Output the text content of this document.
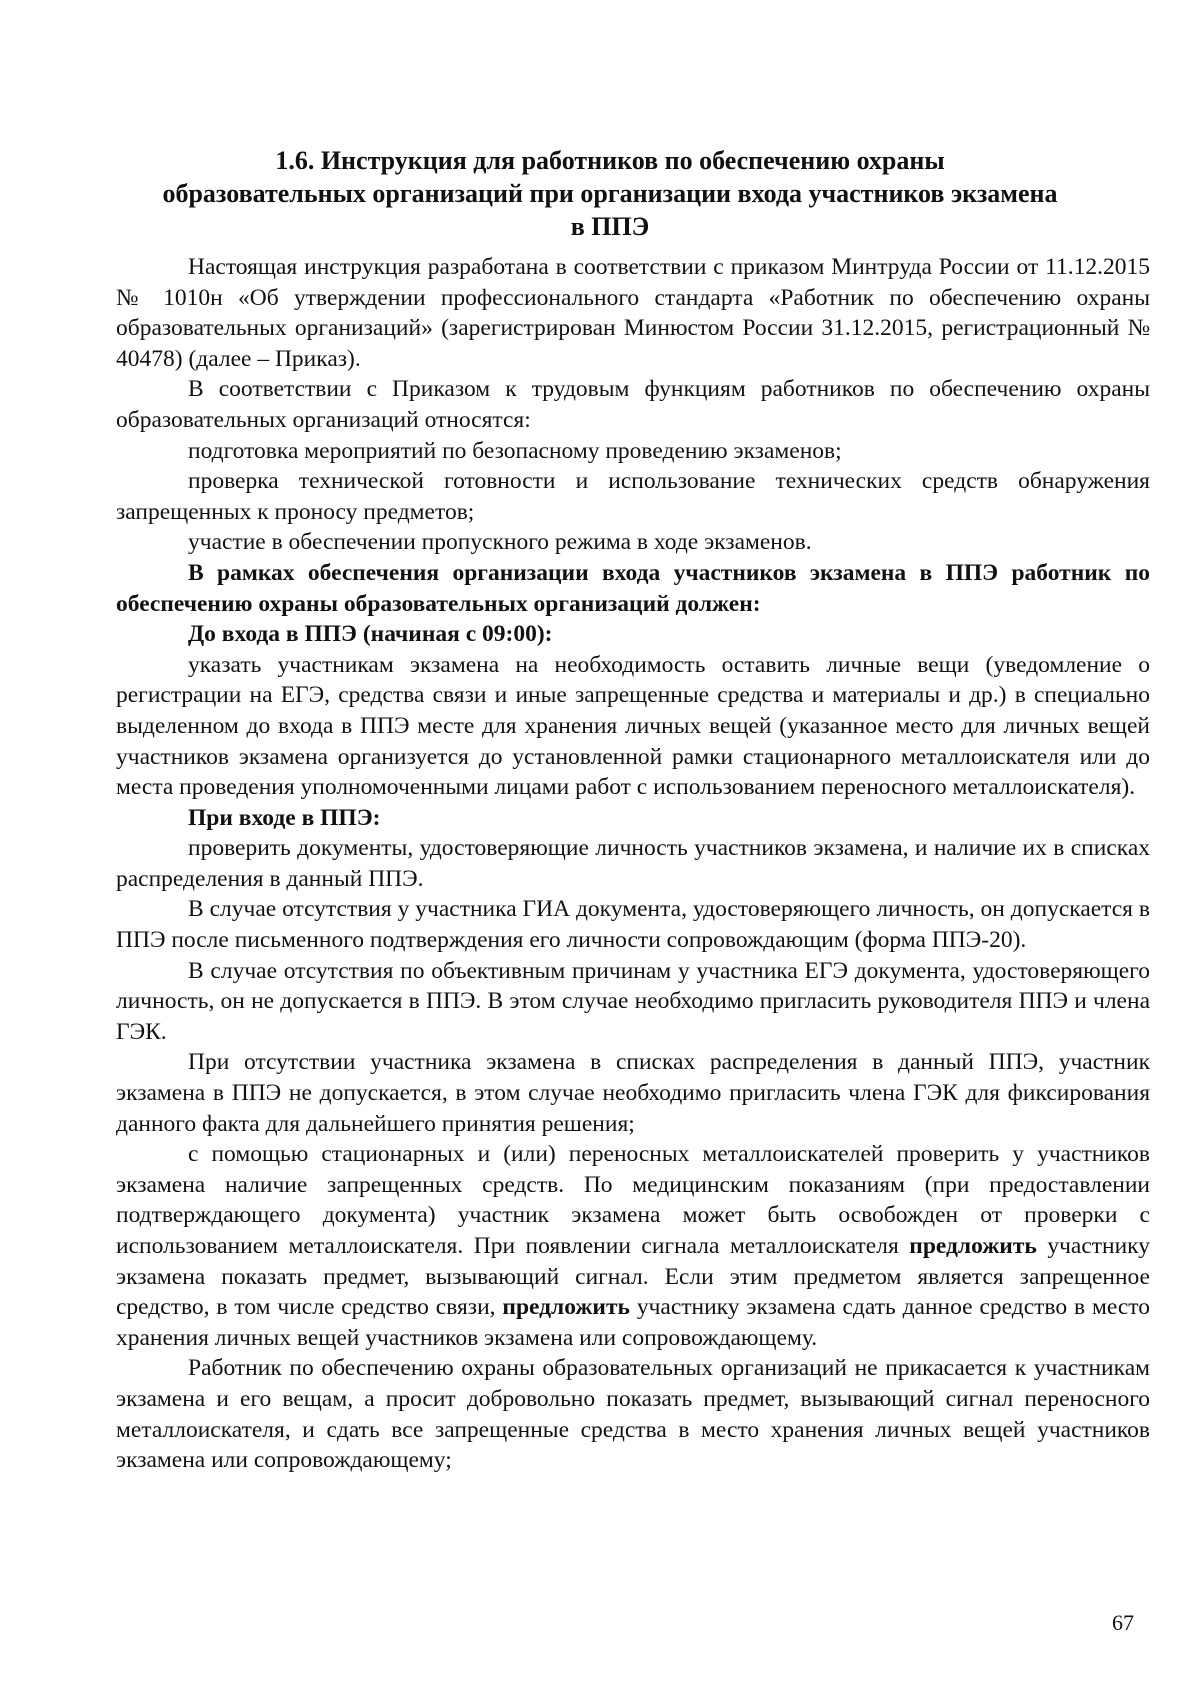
1.6. Инструкция для работников по обеспечению охраны
образовательных организаций при организации входа участников экзамена
в ППЭ

Настоящая инструкция разработана в соответствии с приказом Минтруда России от 11.12.2015 № 1010н «Об утверждении профессионального стандарта «Работник по обеспечению охраны образовательных организаций» (зарегистрирован Минюстом России 31.12.2015, регистрационный № 40478) (далее – Приказ).

В соответствии с Приказом к трудовым функциям работников по обеспечению охраны образовательных организаций относятся:

подготовка мероприятий по безопасному проведению экзаменов;

проверка технической готовности и использование технических средств обнаружения запрещенных к проносу предметов;

участие в обеспечении пропускного режима в ходе экзаменов.

В рамках обеспечения организации входа участников экзамена в ППЭ работник по обеспечению охраны образовательных организаций должен:

До входа в ППЭ (начиная с 09:00):

указать участникам экзамена на необходимость оставить личные вещи (уведомление о регистрации на ЕГЭ, средства связи и иные запрещенные средства и материалы и др.) в специально выделенном до входа в ППЭ месте для хранения личных вещей (указанное место для личных вещей участников экзамена организуется до установленной рамки стационарного металлоискателя или до места проведения уполномоченными лицами работ с использованием переносного металлоискателя).

При входе в ППЭ:

проверить документы, удостоверяющие личность участников экзамена, и наличие их в списках распределения в данный ППЭ.

В случае отсутствия у участника ГИА документа, удостоверяющего личность, он допускается в ППЭ после письменного подтверждения его личности сопровождающим (форма ППЭ-20).

В случае отсутствия по объективным причинам у участника ЕГЭ документа, удостоверяющего личность, он не допускается в ППЭ. В этом случае необходимо пригласить руководителя ППЭ и члена ГЭК.

При отсутствии участника экзамена в списках распределения в данный ППЭ, участник экзамена в ППЭ не допускается, в этом случае необходимо пригласить члена ГЭК для фиксирования данного факта для дальнейшего принятия решения;

с помощью стационарных и (или) переносных металлоискателей проверить у участников экзамена наличие запрещенных средств. По медицинским показаниям (при предоставлении подтверждающего документа) участник экзамена может быть освобожден от проверки с использованием металлоискателя. При появлении сигнала металлоискателя предложить участнику экзамена показать предмет, вызывающий сигнал. Если этим предметом является запрещенное средство, в том числе средство связи, предложить участнику экзамена сдать данное средство в место хранения личных вещей участников экзамена или сопровождающему.

Работник по обеспечению охраны образовательных организаций не прикасается к участникам экзамена и его вещам, а просит добровольно показать предмет, вызывающий сигнал переносного металлоискателя, и сдать все запрещенные средства в место хранения личных вещей участников экзамена или сопровождающему;

67
